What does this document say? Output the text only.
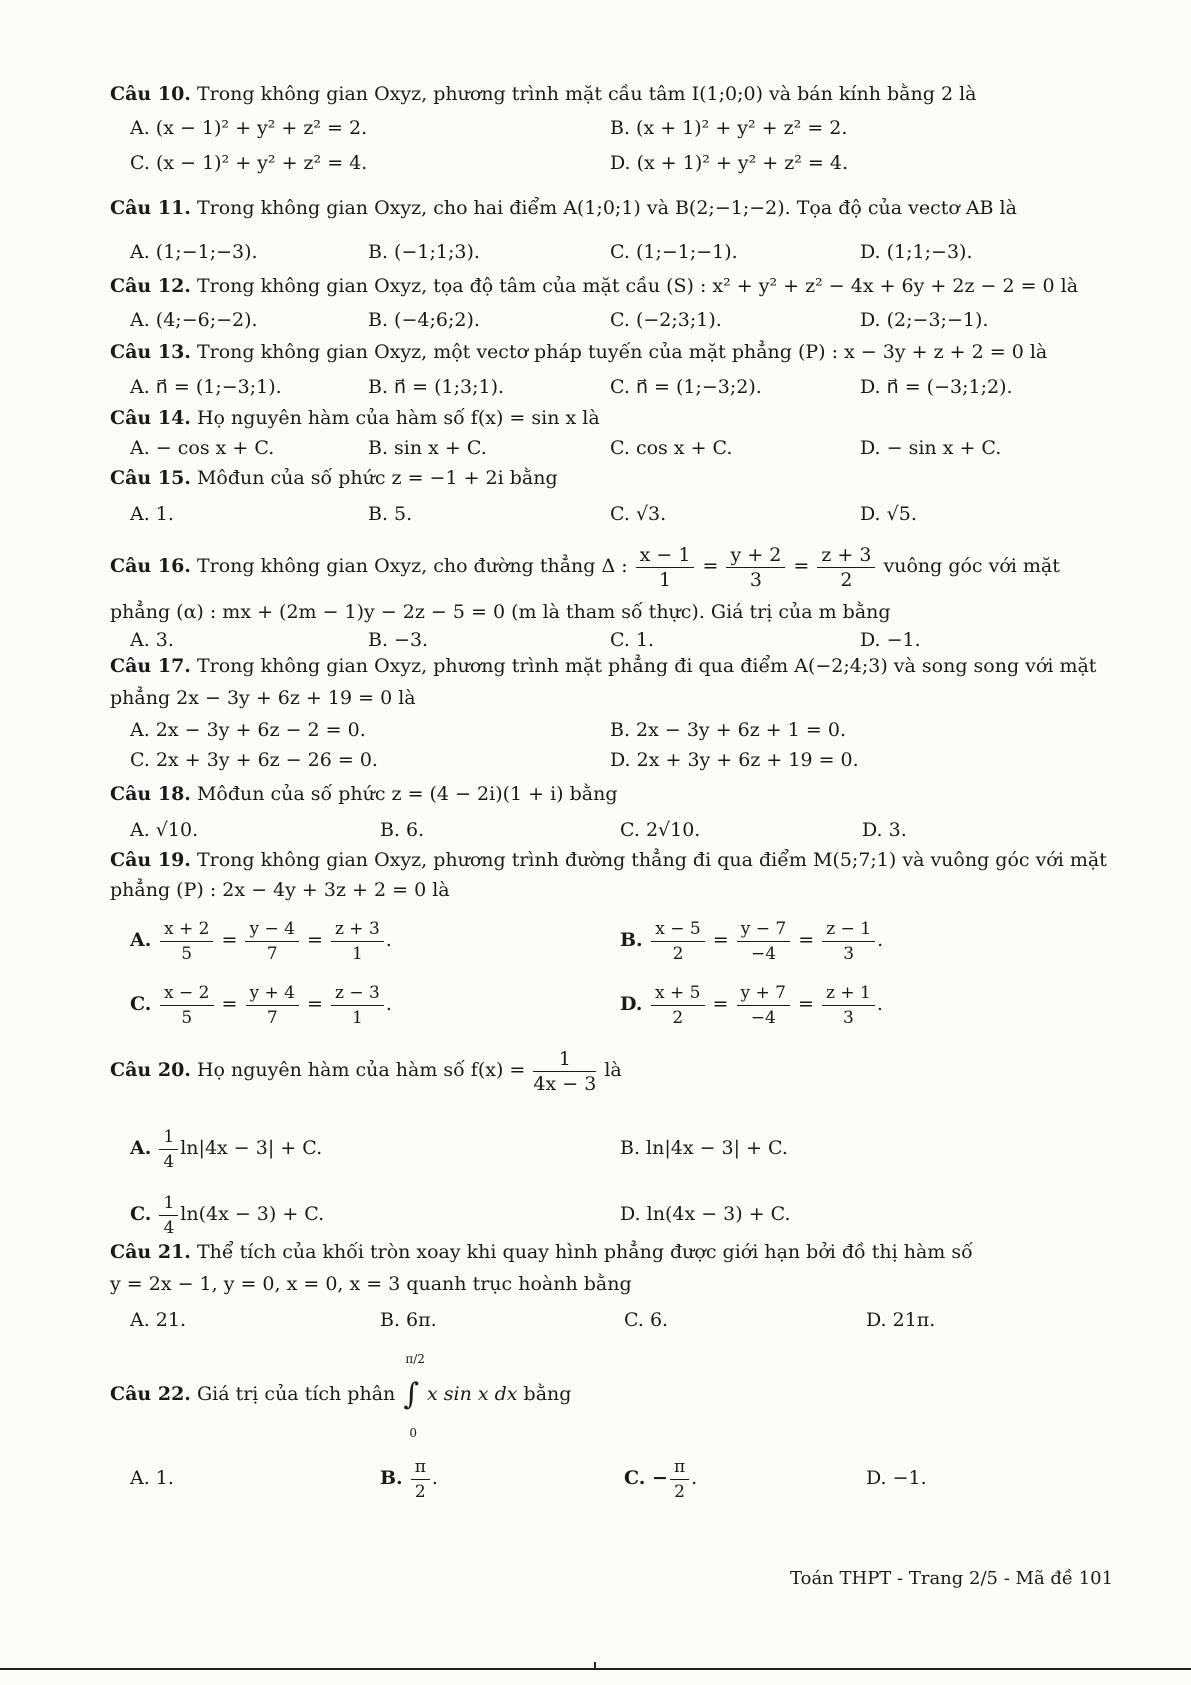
Câu 10. Trong không gian Oxyz, phương trình mặt cầu tâm I(1;0;0) và bán kính bằng 2 là
A. (x − 1)² + y² + z² = 2.	B. (x + 1)² + y² + z² = 2.
C. (x − 1)² + y² + z² = 4.	D. (x + 1)² + y² + z² = 4.
Câu 11. Trong không gian Oxyz, cho hai điểm A(1;0;1) và B(2;−1;−2). Tọa độ của vectơ AB là
A. (1;−1;−3).	B. (−1;1;3).	C. (1;−1;−1).	D. (1;1;−3).
Câu 12. Trong không gian Oxyz, tọa độ tâm của mặt cầu (S) : x² + y² + z² − 4x + 6y + 2z − 2 = 0 là
A. (4;−6;−2).	B. (−4;6;2).	C. (−2;3;1).	D. (2;−3;−1).
Câu 13. Trong không gian Oxyz, một vectơ pháp tuyến của mặt phẳng (P) : x − 3y + z + 2 = 0 là
A. n⃗ = (1;−3;1).	B. n⃗ = (1;3;1).	C. n⃗ = (1;−3;2).	D. n⃗ = (−3;1;2).
Câu 14. Họ nguyên hàm của hàm số f(x) = sin x là
A. − cos x + C.	B. sin x + C.	C. cos x + C.	D. − sin x + C.
Câu 15. Môđun của số phức z = −1 + 2i bằng
A. 1.	B. 5.	C. √3.	D. √5.
Câu 16. Trong không gian Oxyz, cho đường thẳng Δ : $\frac{x - 1}{1} = \frac{y + 2}{3} = \frac{z + 3}{2}$ vuông góc với mặt
phẳng (α) : mx + (2m − 1)y − 2z − 5 = 0 (m là tham số thực). Giá trị của m bằng
A. 3.	B. −3.	C. 1.	D. −1.
Câu 17. Trong không gian Oxyz, phương trình mặt phẳng đi qua điểm A(−2;4;3) và song song với mặt
phẳng 2x − 3y + 6z + 19 = 0 là
A. 2x − 3y + 6z − 2 = 0.	B. 2x − 3y + 6z + 1 = 0.
C. 2x + 3y + 6z − 26 = 0.	D. 2x + 3y + 6z + 19 = 0.
Câu 18. Môđun của số phức z = (4 − 2i)(1 + i) bằng
A. √10.	B. 6.	C. 2√10.	D. 3.
Câu 19. Trong không gian Oxyz, phương trình đường thẳng đi qua điểm M(5;7;1) và vuông góc với mặt
phẳng (P) : 2x − 4y + 3z + 2 = 0 là
A. $\frac{x + 2}{5} = \frac{y - 4}{7} = \frac{z + 3}{1}$ .	B. $\frac{x - 5}{2} = \frac{y - 7}{-4} = \frac{z - 1}{3}$ .
C. $\frac{x - 2}{5} = \frac{y + 4}{7} = \frac{z - 3}{1}$ .	D. $\frac{x + 5}{2} = \frac{y + 7}{-4} = \frac{z + 1}{3}$ .
Câu 20. Họ nguyên hàm của hàm số $f(x) = \frac{1}{4x - 3}$ là
A. $\frac{1}{4} \ln|4x - 3| + C$.	B. ln|4x − 3| + C.
C. $\frac{1}{4} \ln(4x - 3) + C$.	D. ln(4x − 3) + C.
Câu 21. Thể tích của khối tròn xoay khi quay hình phẳng được giới hạn bởi đồ thị hàm số
y = 2x − 1, y = 0, x = 0, x = 3 quanh trục hoành bằng
A. 21.	B. 6π.	C. 6.	D. 21π.
Câu 22. Giá trị của tích phân ∫
π/2
0
x sin x dx bằng
A. 1.	B. $\frac{\pi}{2}$ .	C. − $\frac{\pi}{2}$ .	D. −1.
Toán THPT - Trang 2/5 - Mã đề 101
